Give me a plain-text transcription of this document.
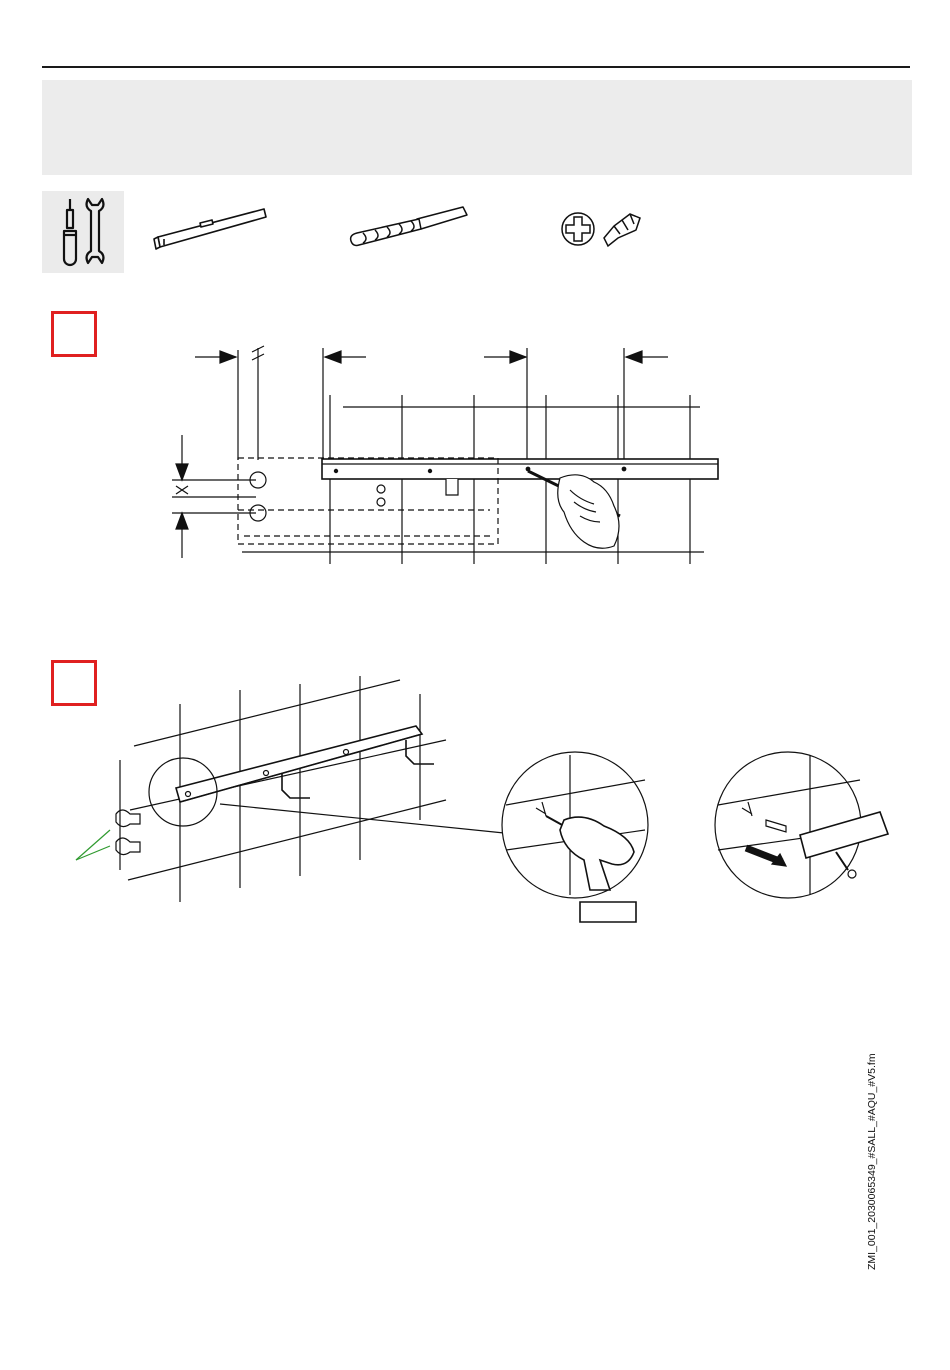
ZMI_001_2030065349_#SALL_#AQU_#V5.fm
